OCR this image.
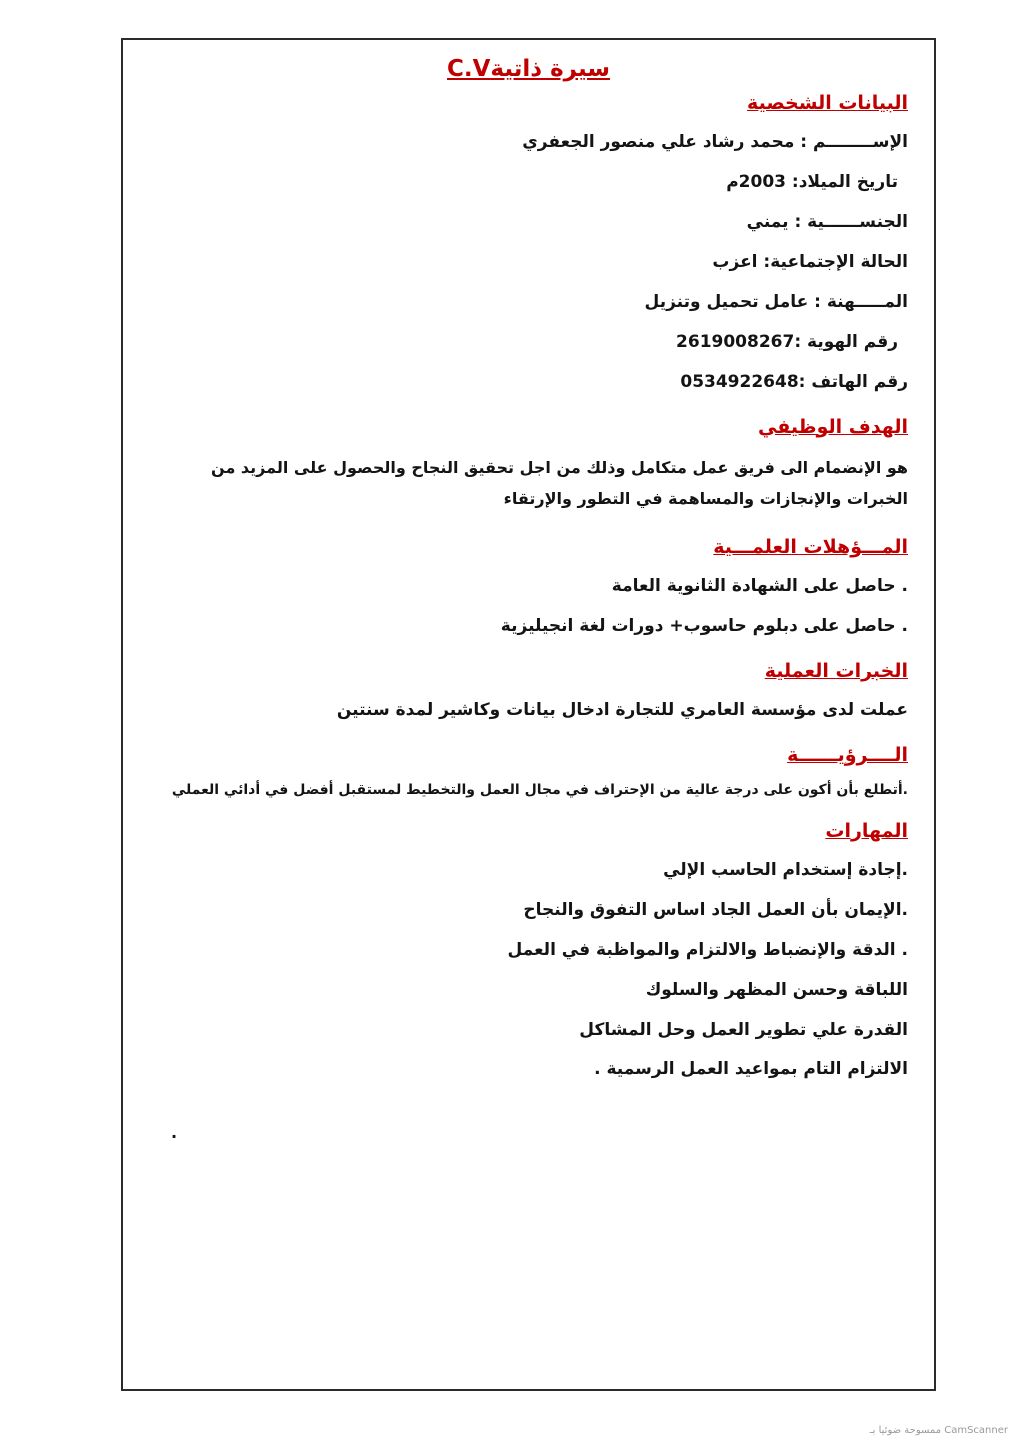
سيرة ذاتيةC.V
البيانات الشخصية
الإســــــــم : محمد رشاد علي منصور الجعفري
تاريخ الميلاد: 2003م
الجنســــــية : يمني
الحالة الإجتماعية: اعزب
المـــــهنة : عامل تحميل وتنزيل
رقم الهوية :2619008267
رقم الهاتف :0534922648
الهدف الوظيفي
هو الإنضمام الى فريق عمل متكامل وذلك من اجل تحقيق النجاح والحصول على المزيد من الخبرات والإنجازات والمساهمة في التطور والإرتقاء
المـــؤهلات العلمـــية
. حاصل على الشهادة الثانوية العامة
. حاصل على دبلوم حاسوب+ دورات لغة انجيليزية
الخبرات العملية
عملت لدى مؤسسة العامري للتجارة ادخال بيانات وكاشير لمدة سنتين
الــــرؤيــــــة
.أتطلع بأن أكون على درجة عالية من الإحتراف في مجال العمل والتخطيط لمستقبل أفضل في أدائي العملي
المهارات
.إجادة إستخدام الحاسب الإلي
.الإيمان بأن العمل الجاد اساس التفوق والنجاح
. الدقة والإنضباط والالتزام والمواظبة في العمل
اللباقة وحسن المظهر والسلوك
القدرة علي تطوير العمل وحل المشاكل
الالتزام التام بمواعيد العمل الرسمية .
.
ممسوحة ضوئيا بـ CamScanner
